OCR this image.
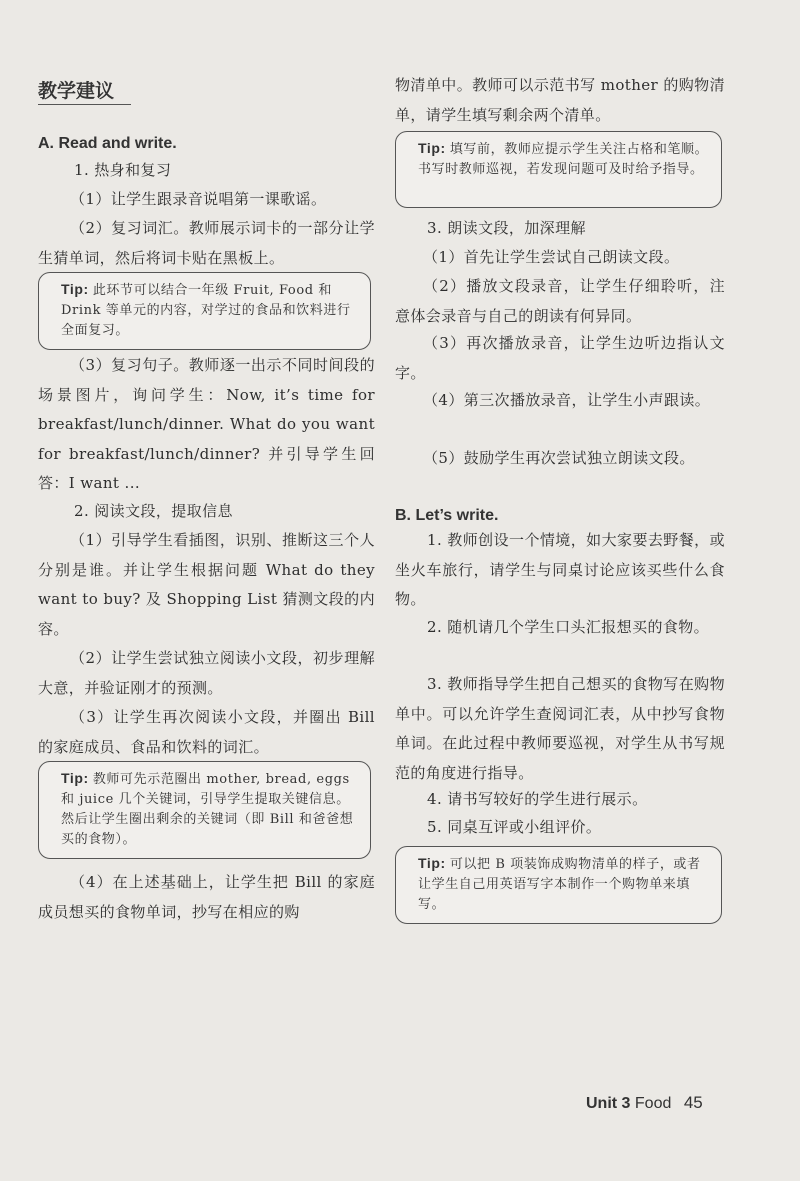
教学建议
A. Read and write.

1. 热身和复习

（1）让学生跟录音说唱第一课歌谣。

（2）复习词汇。教师展示词卡的一部分让学生猜单词，然后将词卡贴在黑板上。

Tip: 此环节可以结合一年级 Fruit, Food 和 Drink 等单元的内容，对学过的食品和饮料进行全面复习。

（3）复习句子。教师逐一出示不同时间段的场景图片，询问学生：Now, it’s time for breakfast/lunch/dinner. What do you want for breakfast/lunch/dinner? 并引导学生回答：I want ...

2. 阅读文段，提取信息

（1）引导学生看插图，识别、推断这三个人分别是谁。并让学生根据问题 What do they want to buy? 及 Shopping List 猜测文段的内容。

（2）让学生尝试独立阅读小文段，初步理解大意，并验证刚才的预测。

（3）让学生再次阅读小文段，并圈出 Bill 的家庭成员、食品和饮料的词汇。

Tip: 教师可先示范圈出 mother, bread, eggs 和 juice 几个关键词，引导学生提取关键信息。然后让学生圈出剩余的关键词（即 Bill 和爸爸想买的食物）。

（4）在上述基础上，让学生把 Bill 的家庭成员想买的食物单词，抄写在相应的购

物清单中。教师可以示范书写 mother 的购物清单，请学生填写剩余两个清单。

Tip: 填写前，教师应提示学生关注占格和笔顺。书写时教师巡视，若发现问题可及时给予指导。

3. 朗读文段，加深理解

（1）首先让学生尝试自己朗读文段。

（2）播放文段录音，让学生仔细聆听，注意体会录音与自己的朗读有何异同。

（3）再次播放录音，让学生边听边指认文字。

（4）第三次播放录音，让学生小声跟读。

（5）鼓励学生再次尝试独立朗读文段。

B. Let’s write.

1. 教师创设一个情境，如大家要去野餐，或坐火车旅行，请学生与同桌讨论应该买些什么食物。

2. 随机请几个学生口头汇报想买的食物。

3. 教师指导学生把自己想买的食物写在购物单中。可以允许学生查阅词汇表，从中抄写食物单词。在此过程中教师要巡视，对学生从书写规范的角度进行指导。

4. 请书写较好的学生进行展示。

5. 同桌互评或小组评价。

Tip: 可以把 B 项装饰成购物清单的样子，或者让学生自己用英语写字本制作一个购物单来填写。
Unit 3 Food 45
